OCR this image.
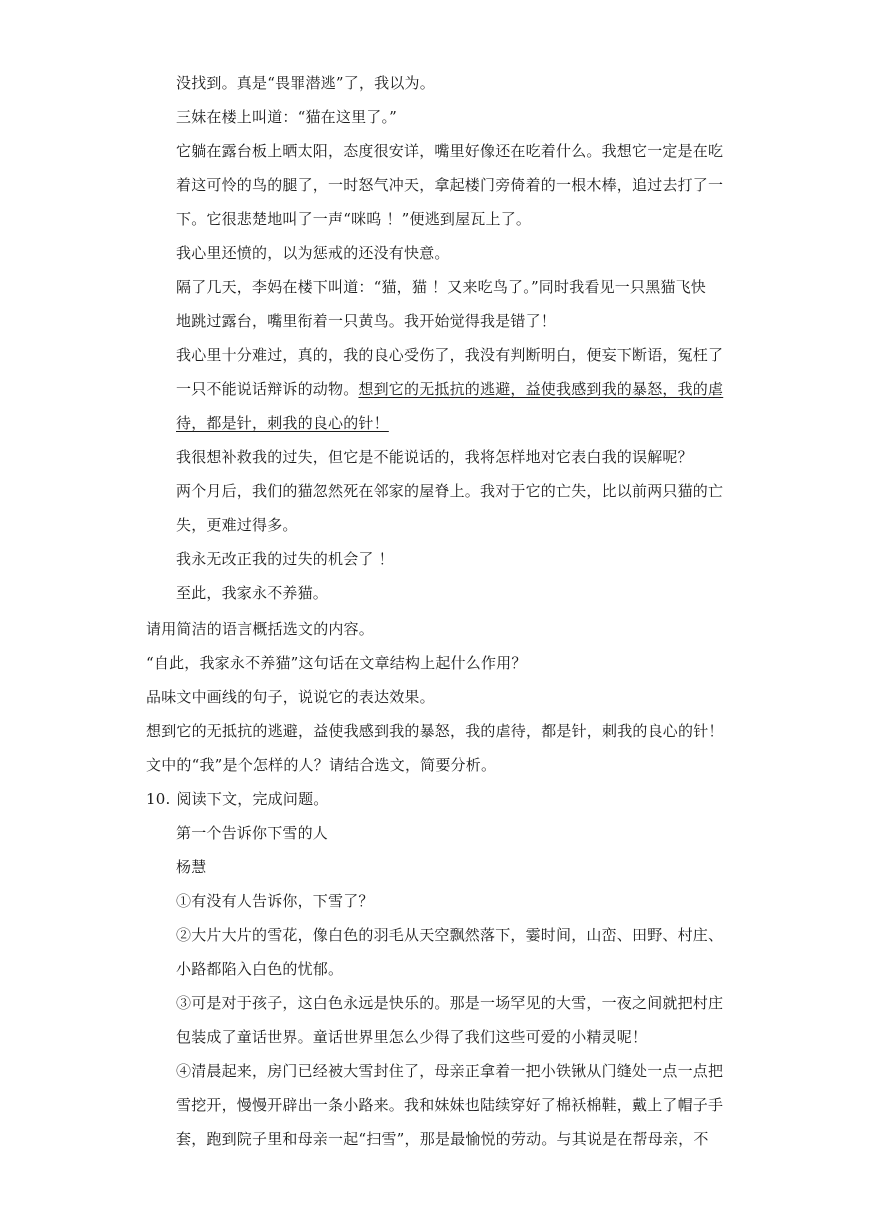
没找到。真是“畏罪潜逃”了，我以为。
三妹在楼上叫道：“猫在这里了。”
它躺在露台板上晒太阳，态度很安详，嘴里好像还在吃着什么。我想它一定是在吃
着这可怜的鸟的腿了，一时怒气冲天，拿起楼门旁倚着的一根木棒，追过去打了一
下。它很悲楚地叫了一声“咪呜 ！”便逃到屋瓦上了。
我心里还愤的，以为惩戒的还没有快意。
隔了几天，李妈在楼下叫道：“猫，猫 ！又来吃鸟了。”同时我看见一只黑猫飞快
地跳过露台，嘴里衔着一只黄鸟。我开始觉得我是错了！
我心里十分难过，真的，我的良心受伤了，我没有判断明白，便妄下断语，冤枉了
一只不能说话辩诉的动物。想到它的无抵抗的逃避，益使我感到我的暴怒，我的虐
待，都是针，刺我的良心的针！
我很想补救我的过失，但它是不能说话的，我将怎样地对它表白我的误解呢？
两个月后，我们的猫忽然死在邻家的屋脊上。我对于它的亡失，比以前两只猫的亡
失，更难过得多。
我永无改正我的过失的机会了 ！
至此，我家永不养猫。
请用简洁的语言概括选文的内容。
“自此，我家永不养猫”这句话在文章结构上起什么作用？
品味文中画线的句子，说说它的表达效果。
想到它的无抵抗的逃避，益使我感到我的暴怒，我的虐待，都是针，刺我的良心的针！
文中的“我”是个怎样的人？请结合选文，简要分析。
10. 阅读下文，完成问题。
第一个告诉你下雪的人
杨慧
①有没有人告诉你，下雪了？
②大片大片的雪花，像白色的羽毛从天空飘然落下，霎时间，山峦、田野、村庄、
小路都陷入白色的忧郁。
③可是对于孩子，这白色永远是快乐的。那是一场罕见的大雪，一夜之间就把村庄
包装成了童话世界。童话世界里怎么少得了我们这些可爱的小精灵呢！
④清晨起来，房门已经被大雪封住了，母亲正拿着一把小铁锹从门缝处一点一点把
雪挖开，慢慢开辟出一条小路来。我和妹妹也陆续穿好了棉袄棉鞋，戴上了帽子手
套，跑到院子里和母亲一起“扫雪”，那是最愉悦的劳动。与其说是在帮母亲，不
